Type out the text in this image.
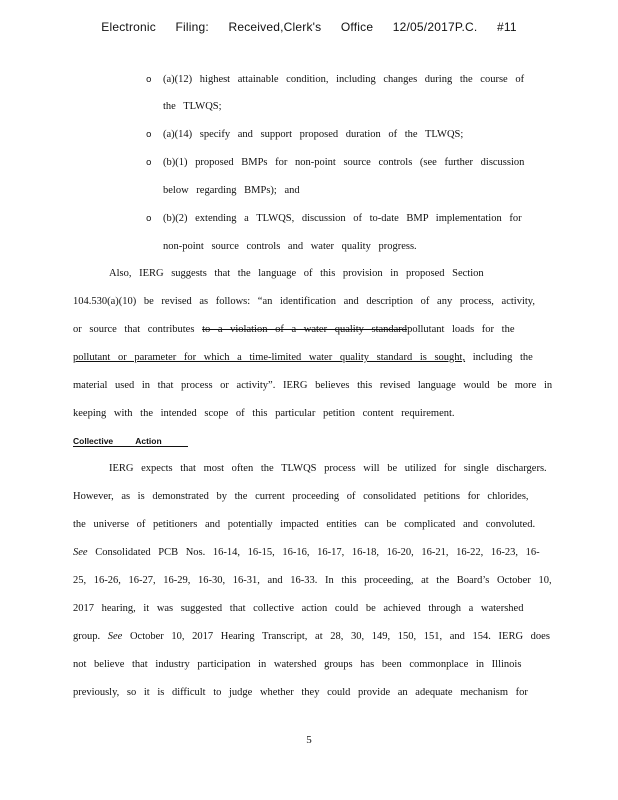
Electronic Filing: Received,Clerk's Office 12/05/2017P.C. #11
o (a)(12) highest attainable condition, including changes during the course of
the TLWQS;
o (a)(14) specify and support proposed duration of the TLWQS;
o (b)(1) proposed BMPs for non-point source controls (see further discussion
below regarding BMPs); and
o (b)(2) extending a TLWQS, discussion of to-date BMP implementation for
non-point source controls and water quality progress.
Also, IERG suggests that the language of this provision in proposed Section
104.530(a)(10) be revised as follows: “an identification and description of any process, activity,
or source that contributes to a violation of a water quality standardpollutant loads for the
pollutant or parameter for which a time-limited water quality standard is sought, including the
material used in that process or activity”. IERG believes this revised language would be more in
keeping with the intended scope of this particular petition content requirement.
Collective Action
IERG expects that most often the TLWQS process will be utilized for single dischargers.
However, as is demonstrated by the current proceeding of consolidated petitions for chlorides,
the universe of petitioners and potentially impacted entities can be complicated and convoluted.
See Consolidated PCB Nos. 16-14, 16-15, 16-16, 16-17, 16-18, 16-20, 16-21, 16-22, 16-23, 16-
25, 16-26, 16-27, 16-29, 16-30, 16-31, and 16-33. In this proceeding, at the Board’s October 10,
2017 hearing, it was suggested that collective action could be achieved through a watershed
group. See October 10, 2017 Hearing Transcript, at 28, 30, 149, 150, 151, and 154. IERG does
not believe that industry participation in watershed groups has been commonplace in Illinois
previously, so it is difficult to judge whether they could provide an adequate mechanism for
5
